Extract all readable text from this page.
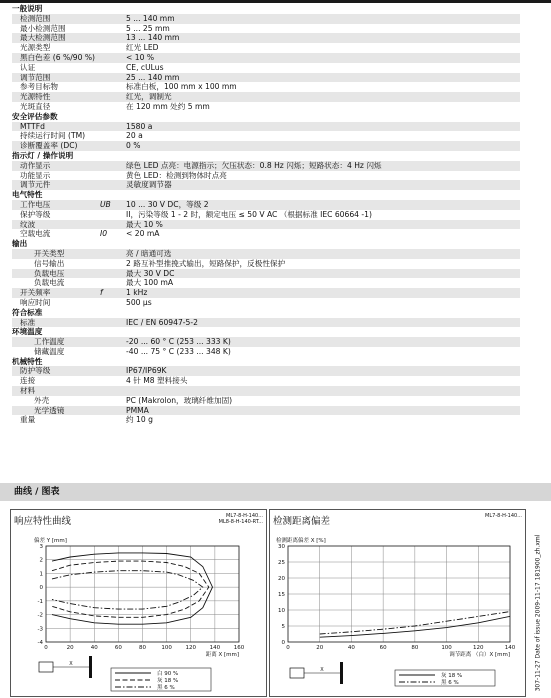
一般说明		
检测范围		5 ... 140 mm
最小检测范围		5 ... 25 mm
最大检测范围		13 ... 140 mm
光源类型		红光 LED
黑白色差 (6 %/90 %)		< 10 %
认证		CE, cULus
调节范围		25 ... 140 mm
参考目标物		标准白板，100 mm x 100 mm
光源特性		红光，调制光
光斑直径		在 120 mm 处约 5 mm
安全评估参数		
MTTFd		1580 a
持续运行时间 (TM)		20 a
诊断覆盖率 (DC)		0 %
指示灯 / 操作说明		
动作显示		绿色 LED 点亮：电源指示；欠压状态：0.8 Hz 闪烁；短路状态：4 Hz 闪烁
功能显示		黄色 LED：检测到物体时点亮
调节元件		灵敏度调节器
电气特性		
工作电压	UB	10 ... 30 V DC，等级 2
保护等级		II，污染等级 1 - 2 时，额定电压 ≤ 50 V AC （根据标准 IEC 60664 -1)
纹波		最大 10 %
空载电流	I0	< 20 mA
输出		
开关类型		亮 / 暗通可选
信号输出		2 路互补型推挽式输出，短路保护，反极性保护
负载电压		最大 30 V DC
负载电流		最大 100 mA
开关频率	f	1 kHz
响应时间		500 μs
符合标准		
标准		IEC / EN 60947-5-2
环境温度		
工作温度		-20 ... 60 ° C (253 ... 333 K)
储藏温度		-40 ... 75 ° C (233 ... 348 K)
机械特性		
防护等级		IP67/IP69K
连接		4 针 M8 塑料接头
材料		
外壳		PC (Makrolon，玻璃纤维加固)
光学透镜		PMMA
重量		约 10 g
曲线 / 图表
响应特性曲线	ML7-8-H-140...
ML8-8-H-140-RT...
0	20	40	60	80	100 120 140 160
-4
-3
-2
-1
0
1
2
3
偏差 Y [mm]
距离 X [mm]
白 90 %
灰 18 %
黑 6 %
X
检测距离偏差	ML7-8-H-140...
0	20	40	60	80	100	120	140
0
5
10
15
20
25
30
检测距离偏差 X [%]
调节距离 （白）X [mm]
灰 18 %
黑 6 %
X	307-11-27 Date of issue 2009-11-17 181900_zh.xml
